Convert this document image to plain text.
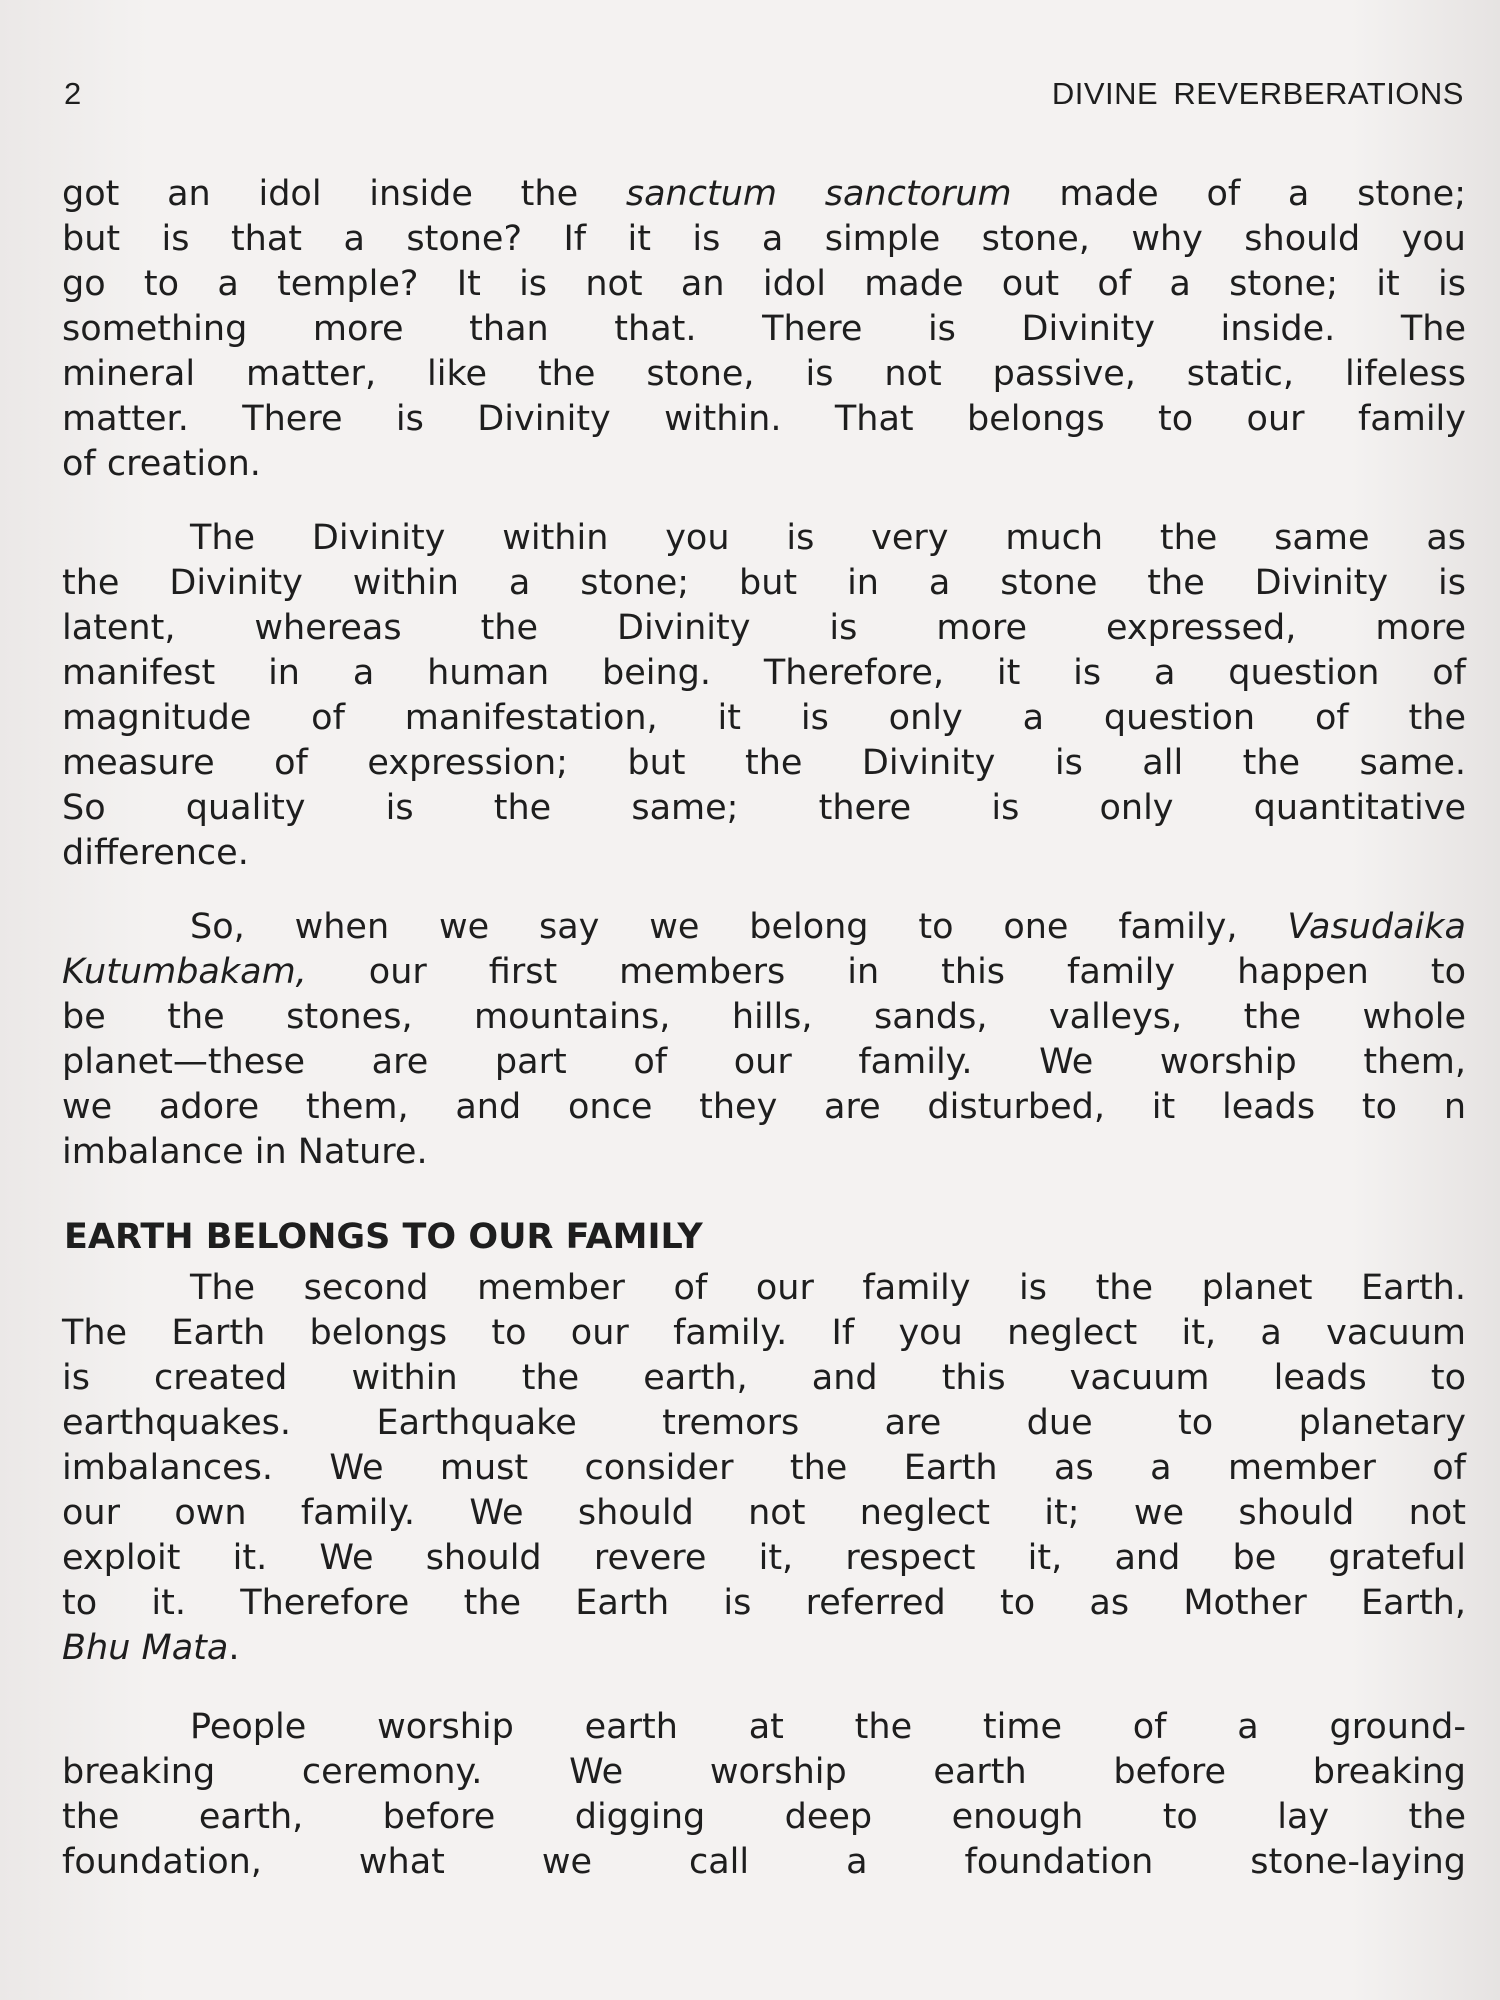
2	DIVINE REVERBERATIONS
got an idol inside the sanctum sanctorum made of a stone;
but is that a stone? If it is a simple stone, why should you
go to a temple? It is not an idol made out of a stone; it is
something more than that. There is Divinity inside. The
mineral matter, like the stone, is not passive, static, lifeless
matter. There is Divinity within. That belongs to our family
of creation.
The Divinity within you is very much the same as
the Divinity within a stone; but in a stone the Divinity is
latent, whereas the Divinity is more expressed, more
manifest in a human being. Therefore, it is a question of
magnitude of manifestation, it is only a question of the
measure of expression; but the Divinity is all the same.
So quality is the same; there is only quantitative
difference.
So, when we say we belong to one family, Vasudaika
Kutumbakam, our first members in this family happen to
be the stones, mountains, hills, sands, valleys, the whole
planet—these are part of our family. We worship them,
we adore them, and once they are disturbed, it leads to n
imbalance in Nature.
EARTH BELONGS TO OUR FAMILY
The second member of our family is the planet Earth.
The Earth belongs to our family. If you neglect it, a vacuum
is created within the earth, and this vacuum leads to
earthquakes. Earthquake tremors are due to planetary
imbalances. We must consider the Earth as a member of
our own family. We should not neglect it; we should not
exploit it. We should revere it, respect it, and be grateful
to it. Therefore the Earth is referred to as Mother Earth,
Bhu Mata.
People worship earth at the time of a ground-
breaking ceremony. We worship earth before breaking
the earth, before digging deep enough to lay the
foundation, what we call a foundation stone-laying
